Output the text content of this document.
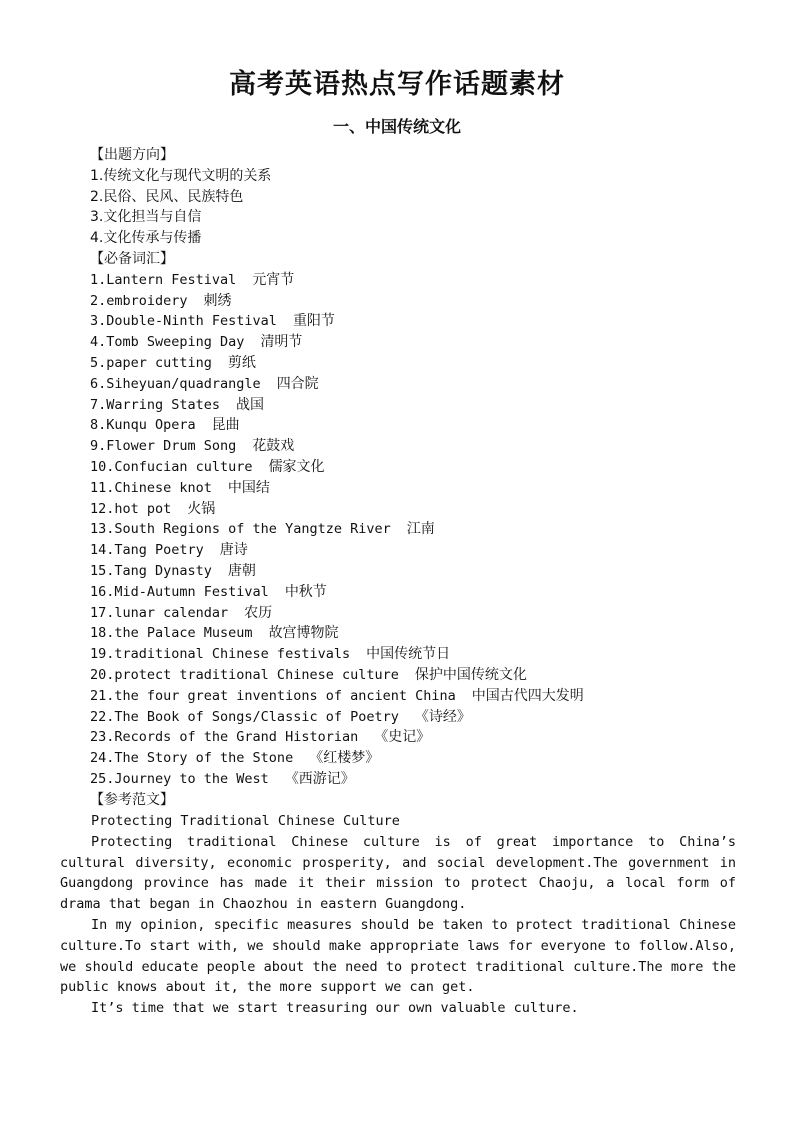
高考英语热点写作话题素材
一、中国传统文化
【出题方向】
1.传统文化与现代文明的关系
2.民俗、民风、民族特色
3.文化担当与自信
4.文化传承与传播
【必备词汇】
1.Lantern Festival 元宵节
2.embroidery 刺绣
3.Double-Ninth Festival 重阳节
4.Tomb Sweeping Day 清明节
5.paper cutting 剪纸
6.Siheyuan/quadrangle 四合院
7.Warring States 战国
8.Kunqu Opera 昆曲
9.Flower Drum Song 花鼓戏
10.Confucian culture 儒家文化
11.Chinese knot 中国结
12.hot pot 火锅
13.South Regions of the Yangtze River 江南
14.Tang Poetry 唐诗
15.Tang Dynasty 唐朝
16.Mid-Autumn Festival 中秋节
17.lunar calendar 农历
18.the Palace Museum 故宫博物院
19.traditional Chinese festivals 中国传统节日
20.protect traditional Chinese culture 保护中国传统文化
21.the four great inventions of ancient China 中国古代四大发明
22.The Book of Songs/Classic of Poetry 《诗经》
23.Records of the Grand Historian 《史记》
24.The Story of the Stone 《红楼梦》
25.Journey to the West 《西游记》
【参考范文】

Protecting Traditional Chinese Culture

Protecting traditional Chinese culture is of great importance to China’s cultural diversity, economic prosperity, and social development.The government in Guangdong province has made it their mission to protect Chaoju, a local form of drama that began in Chaozhou in eastern Guangdong.

In my opinion, specific measures should be taken to protect traditional Chinese culture.To start with, we should make appropriate laws for everyone to follow.Also, we should educate people about the need to protect traditional culture.The more the public knows about it, the more support we can get.

It’s time that we start treasuring our own valuable culture.
